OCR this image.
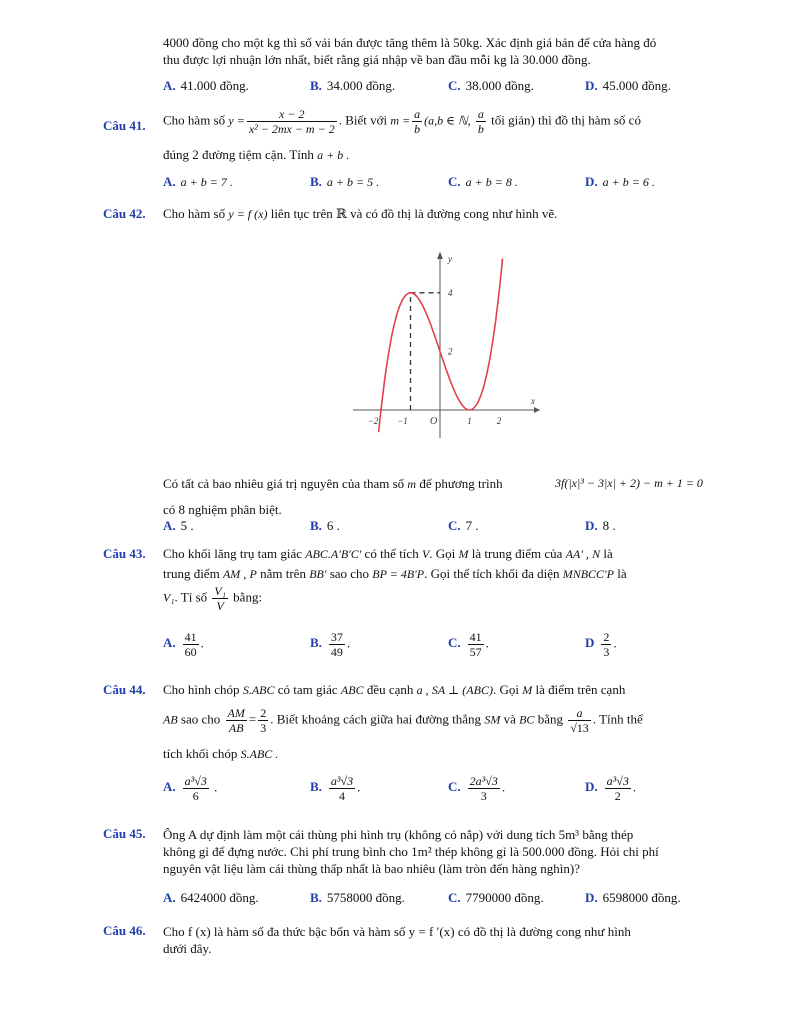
4000 đồng cho một kg thì số vải bán được tăng thêm là 50kg. Xác định giá bán để cửa hàng đó
thu được lợi nhuận lớn nhất, biết rằng giá nhập về ban đầu mỗi kg là 30.000 đồng.
A. 41.000 đồng.	B. 34.000 đồng.	C. 38.000 đồng.	D. 45.000 đồng.
Câu 41. Cho hàm số $y = \frac{x - 2}{\text{x² − 2mx − m − 2}}$ . Biết với $m = \frac{a}{b} (a,b$ ∈ ℕ, $\frac{a}{b}$ tối giản) thì đồ thị hàm số có
đúng 2 đường tiệm cận. Tính a + b .
A. a + b = 7 .	B. a + b = 5 .	C. a + b = 8 .	D. a + b = 6 .
Câu 42. Cho hàm số y = f (x) liên tục trên ℝ và có đồ thị là đường cong như hình vẽ.
−2 −1	1	2
2
4
O
x
y
Có tất cả bao nhiêu giá trị nguyên của tham số m để phương trình	3f(|x|³ − 3|x| + 2) − m + 1 = 0
có 8 nghiệm phân biệt.
A. 5 .	B. 6 .	C. 7 .	D. 8 .
Câu 43. Cho khối lăng trụ tam giác ABC.A'B'C' có thể tích V. Gọi M là trung điểm của AA' , N là
trung điểm AM , P nằm trên BB' sao cho BP = 4B'P. Gọi thể tích khối đa diện MNBCC'P là
V₁. Tỉ số $\frac{\text{V₁}}{V}$ bằng:
A. $\frac{41}{60}$ .	B. $\frac{37}{49}$ .	C. $\frac{41}{57}$ .	D $\frac{2}{3}$ .
Câu 44. Cho hình chóp S.ABC có tam giác ABC đều cạnh a , SA ⊥ (ABC). Gọi M là điểm trên cạnh
AB sao cho $\frac{AM}{AB} = \frac{2}{3}$ . Biết khoảng cách giữa hai đường thẳng SM và BC bằng $\frac{a}{√13}$ . Tính thể
tích khối chóp S.ABC .
A. $\frac{\text{a³√3}}{6}$ .	B. $\frac{\text{a³√3}}{4}$ .	C. $\frac{\text{2a³√3}}{3}$ .	D. $\frac{\text{a³√3}}{2}$ .
Câu 45. Ông A dự định làm một cái thùng phi hình trụ (không có nắp) với dung tích 5m³ bằng thép
không gỉ để đựng nước. Chi phí trung bình cho 1m² thép không gỉ là 500.000 đồng. Hỏi chi phí
nguyên vật liệu làm cái thùng thấp nhất là bao nhiêu (làm tròn đến hàng nghìn)?
A. 6424000 đồng.	B. 5758000 đồng.	C. 7790000 đồng.	D. 6598000 đồng.
Câu 46. Cho f (x) là hàm số đa thức bậc bốn và hàm số y = f ′(x) có đồ thị là đường cong như hình
dưới đây.
